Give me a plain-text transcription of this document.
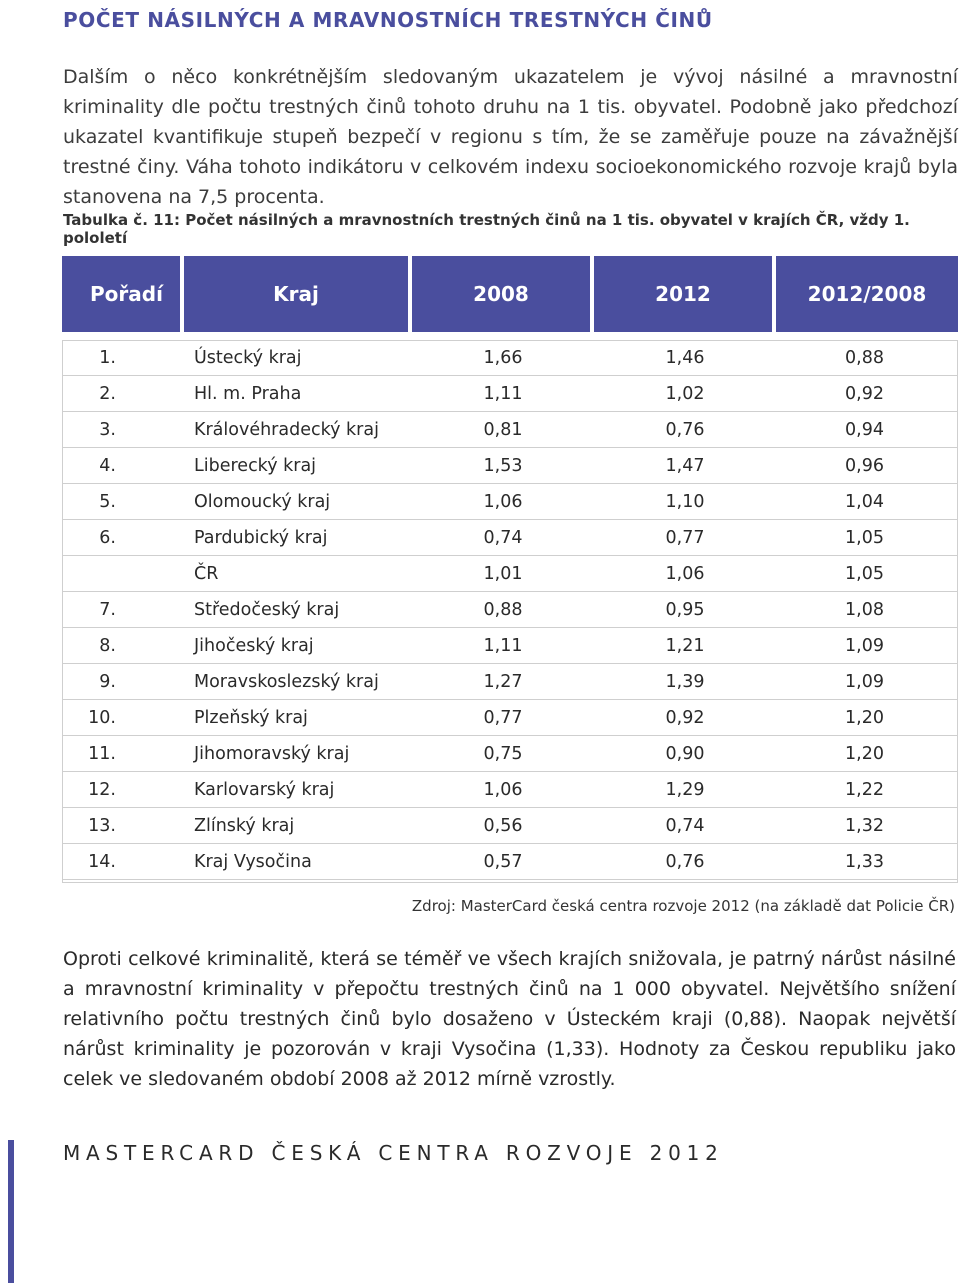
POČET NÁSILNÝCH A MRAVNOSTNÍCH TRESTNÝCH ČINŮ

Dalším o něco konkrétnějším sledovaným ukazatelem je vývoj násilné a mravnostní kriminality dle počtu trestných činů tohoto druhu na 1 tis. obyvatel. Podobně jako předchozí ukazatel kvantifikuje stupeň bezpečí v regionu s tím, že se zaměřuje pouze na závažnější trestné činy. Váha tohoto indikátoru v celkovém indexu socioekonomického rozvoje krajů byla stanovena na 7,5 procenta.

Tabulka č. 11: Počet násilných a mravnostních trestných činů na 1 tis. obyvatel v krajích ČR, vždy 1. pololetí
Pořadí	Kraj	2008	2012	2012/2008

1.	Ústecký kraj	1,66	1,46	0,88
2.	Hl. m. Praha	1,11	1,02	0,92
3.	Královéhradecký kraj	0,81	0,76	0,94
4.	Liberecký kraj	1,53	1,47	0,96
5.	Olomoucký kraj	1,06	1,10	1,04
6.	Pardubický kraj	0,74	0,77	1,05
	ČR	1,01	1,06	1,05
7.	Středočeský kraj	0,88	0,95	1,08
8.	Jihočeský kraj	1,11	1,21	1,09
9.	Moravskoslezský kraj	1,27	1,39	1,09
10.	Plzeňský kraj	0,77	0,92	1,20
11.	Jihomoravský kraj	0,75	0,90	1,20
12.	Karlovarský kraj	1,06	1,29	1,22
13.	Zlínský kraj	0,56	0,74	1,32
14.	Kraj Vysočina	0,57	0,76	1,33
Zdroj: MasterCard česká centra rozvoje 2012 (na základě dat Policie ČR)

Oproti celkové kriminalitě, která se téměř ve všech krajích snižovala, je patrný nárůst násilné a mravnostní kriminality v přepočtu trestných činů na 1 000 obyvatel. Největšího snížení relativního počtu trestných činů bylo dosaženo v Ústeckém kraji (0,88). Naopak největší nárůst kriminality je pozorován v kraji Vysočina (1,33). Hodnoty za Českou republiku jako celek ve sledovaném období 2008 až 2012 mírně vzrostly.

MASTERCARD ČESKÁ CENTRA ROZVOJE 2012
